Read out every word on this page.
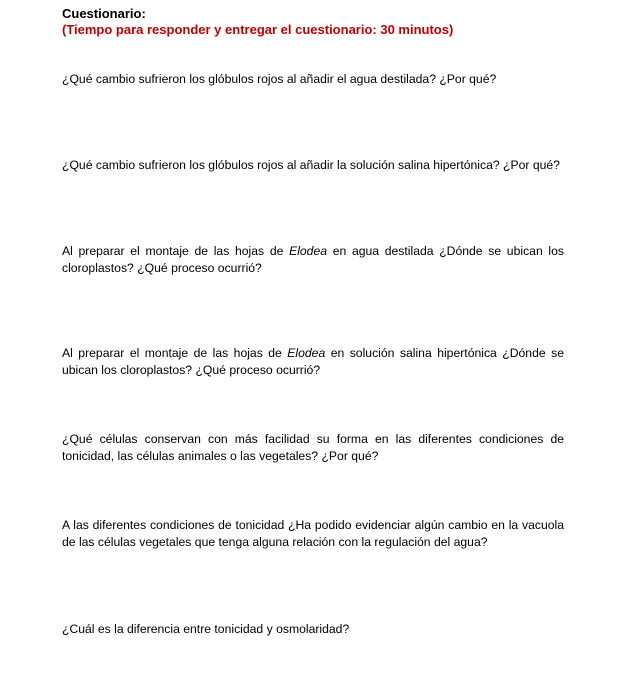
Cuestionario:
(Tiempo para responder y entregar el cuestionario: 30 minutos)

¿Qué cambio sufrieron los glóbulos rojos al añadir el agua destilada? ¿Por qué?

¿Qué cambio sufrieron los glóbulos rojos al añadir la solución salina hipertónica? ¿Por qué?

Al preparar el montaje de las hojas de Elodea en agua destilada ¿Dónde se ubican los cloroplastos? ¿Qué proceso ocurrió?

Al preparar el montaje de las hojas de Elodea en solución salina hipertónica ¿Dónde se ubican los cloroplastos? ¿Qué proceso ocurrió?

¿Qué células conservan con más facilidad su forma en las diferentes condiciones de tonicidad, las células animales o las vegetales? ¿Por qué?

A las diferentes condiciones de tonicidad ¿Ha podido evidenciar algún cambio en la vacuola de las células vegetales que tenga alguna relación con la regulación del agua?

¿Cuál es la diferencia entre tonicidad y osmolaridad?
